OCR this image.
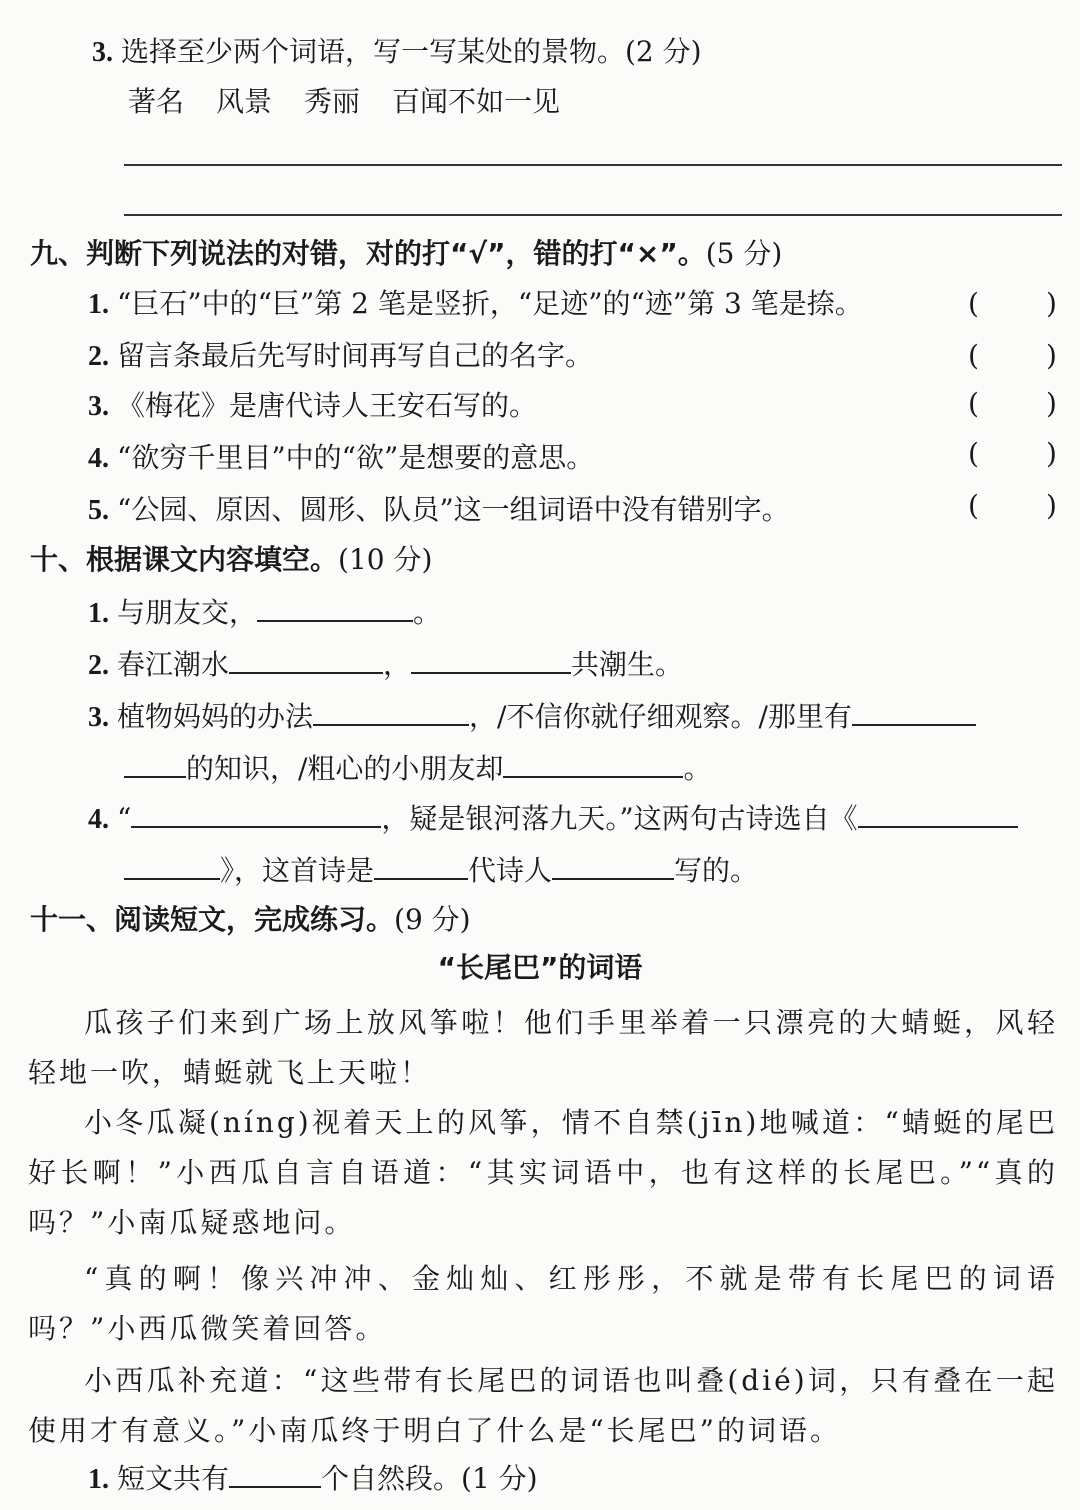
3. 选择至少两个词语，写一写某处的景物。(2 分)
著名 风景 秀丽 百闻不如一见
九、判断下列说法的对错，对的打“√”，错的打“×”。(5 分)
1. “巨石”中的“巨”第 2 笔是竖折，“足迹”的“迹”第 3 笔是捺。	( )
2. 留言条最后先写时间再写自己的名字。	( )
3. 《梅花》是唐代诗人王安石写的。	( )
4. “欲穷千里目”中的“欲”是想要的意思。	( )
5. “公园、原因、圆形、队员”这一组词语中没有错别字。	( )
十、根据课文内容填空。(10 分)
1. 与朋友交，	。
2. 春江潮水	，	共潮生。
3. 植物妈妈的办法	，/不信你就仔细观察。/那里有
的知识，/粗心的小朋友却	。
4. “	，疑是银河落九天。”这两句古诗选自《
》，这首诗是	代诗人	写的。
十一、阅读短文，完成练习。(9 分)
“长尾巴”的词语
瓜孩子们来到广场上放风筝啦！他们手里举着一只漂亮的大蜻蜓，风轻轻地一吹，蜻蜓就飞上天啦！
小冬瓜凝(níng)视着天上的风筝，情不自禁(jīn)地喊道：“蜻蜓的尾巴好长啊！”小西瓜自言自语道：“其实词语中，也有这样的长尾巴。”“真的吗？”小南瓜疑惑地问。
“真的啊！像兴冲冲、金灿灿、红彤彤，不就是带有长尾巴的词语吗？”小西瓜微笑着回答。
小西瓜补充道：“这些带有长尾巴的词语也叫叠(dié)词，只有叠在一起使用才有意义。”小南瓜终于明白了什么是“长尾巴”的词语。
1. 短文共有	个自然段。(1 分)
